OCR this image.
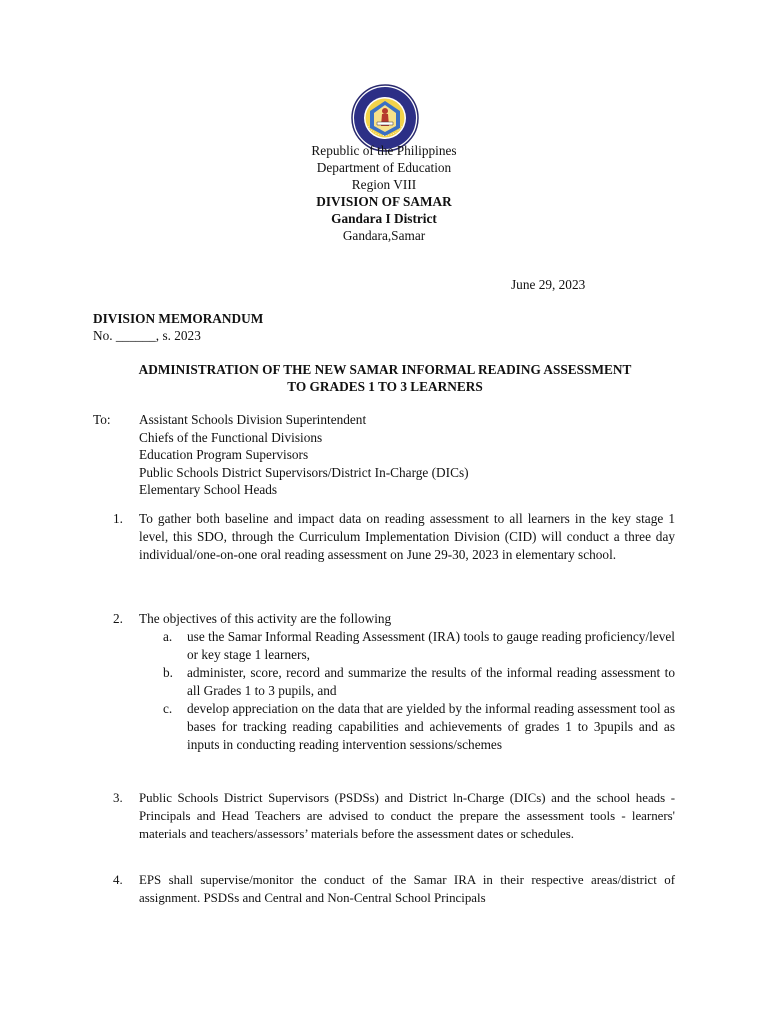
Republic of the Philippines
Department of Education
Region VIII
DIVISION OF SAMAR
Gandara I District
Gandara,Samar
June 29, 2023
DIVISION MEMORANDUM
No. ______, s. 2023
ADMINISTRATION OF THE NEW SAMAR INFORMAL READING ASSESSMENT
TO GRADES 1 TO 3 LEARNERS
To: Assistant Schools Division Superintendent
Chiefs of the Functional Divisions
Education Program Supervisors
Public Schools District Supervisors/District In-Charge (DICs)
Elementary School Heads
1. To gather both baseline and impact data on reading assessment to all learners in the key stage 1 level, this SDO, through the Curriculum Implementation Division (CID) will conduct a three day individual/one-on-one oral reading assessment on June 29-30, 2023 in elementary school.

2. The objectives of this activity are the following

a. use the Samar Informal Reading Assessment (IRA) tools to gauge reading proficiency/level or key stage 1 learners,
b. administer, score, record and summarize the results of the informal reading assessment to all Grades 1 to 3 pupils, and
c. develop appreciation on the data that are yielded by the informal reading assessment tool as bases for tracking reading capabilities and achievements of grades 1 to 3pupils and as inputs in conducting reading intervention sessions/schemes
3. Public Schools District Supervisors (PSDSs) and District ln-Charge (DICs) and the school heads - Principals and Head Teachers are advised to conduct the prepare the assessment tools - learners' materials and teachers/assessors’ materials before the assessment dates or schedules.

4. EPS shall supervise/monitor the conduct of the Samar IRA in their respective areas/district of assignment. PSDSs and Central and Non-Central School Principals
